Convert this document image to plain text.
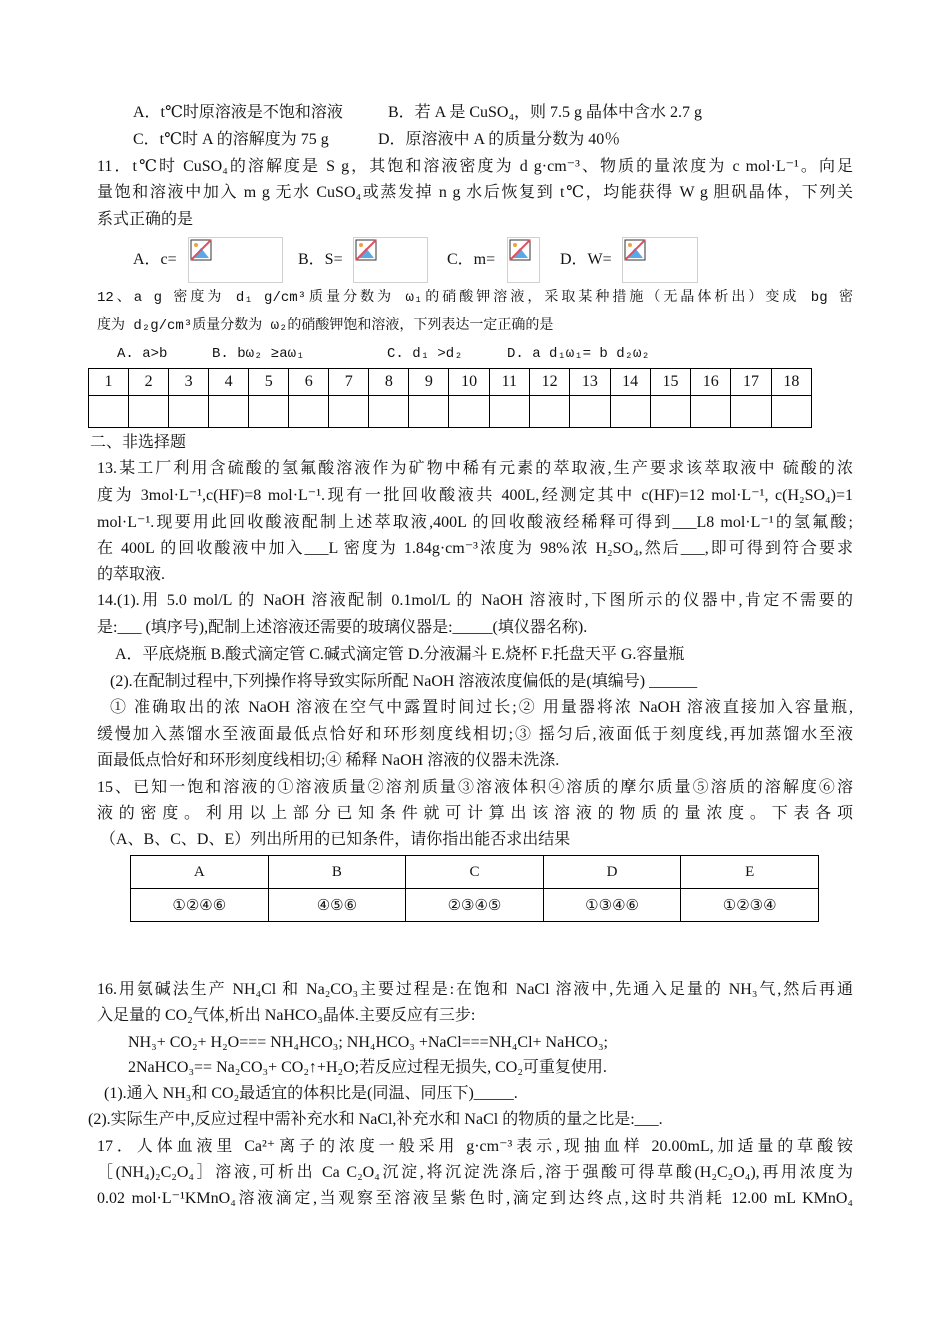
A．t℃时原溶液是不饱和溶液	B．若 A 是 CuSO₄，则 7.5 g 晶体中含水 2.7 g
C．t℃时 A 的溶解度为 75 g	D．原溶液中 A 的质量分数为 40％
11．t℃时 CuSO₄的溶解度是 S g，其饱和溶液密度为 d g·cm⁻³、物质的量浓度为 c mol·L⁻¹。向足
量饱和溶液中加入 m g 无水 CuSO₄或蒸发掉 n g 水后恢复到 t℃，均能获得 W g 胆矾晶体，下列关
系式正确的是
A．c=	B．S=	C．m=	D．W=
12、a g 密度为 d₁ g/cm³质量分数为 ω₁的硝酸钾溶液，采取某种措施（无晶体析出）变成 bg 密
度为 d₂g/cm³质量分数为 ω₂的硝酸钾饱和溶液，下列表达一定正确的是
A. a>b	B. bω₂ ≥aω₁	C. d₁ >d₂	D. a d₁ω₁= b d₂ω₂
1	2	3	4	5	6	7	8	9	10	11	12	13	14	15	16	17	18

二、非选择题
13.某工厂利用含硫酸的氢氟酸溶液作为矿物中稀有元素的萃取液,生产要求该萃取液中 硫酸的浓
度为 3mol·L⁻¹,c(HF)=8 mol·L⁻¹.现有一批回收酸液共 400L,经测定其中 c(HF)=12 mol·L⁻¹, c(H₂SO₄)=1
mol·L⁻¹.现要用此回收酸液配制上述萃取液,400L 的回收酸液经稀释可得到___L8 mol·L⁻¹的氢氟酸;
在 400L 的回收酸液中加入___L 密度为 1.84g·cm⁻³浓度为 98%浓 H₂SO₄,然后___,即可得到符合要求
的萃取液.
14.(1).用 5.0 mol/L 的 NaOH 溶液配制 0.1mol/L 的 NaOH 溶液时,下图所示的仪器中,肯定不需要的
是:___ (填序号),配制上述溶液还需要的玻璃仪器是:_____(填仪器名称).
A．平底烧瓶 B.酸式滴定管 C.碱式滴定管 D.分液漏斗 E.烧杯 F.托盘天平 G.容量瓶
(2).在配制过程中,下列操作将导致实际所配 NaOH 溶液浓度偏低的是(填编号) ______
① 准确取出的浓 NaOH 溶液在空气中露置时间过长;② 用量器将浓 NaOH 溶液直接加入容量瓶,
缓慢加入蒸馏水至液面最低点恰好和环形刻度线相切;③ 摇匀后,液面低于刻度线,再加蒸馏水至液
面最低点恰好和环形刻度线相切;④ 稀释 NaOH 溶液的仪器未洗涤.
15、已知一饱和溶液的①溶液质量②溶剂质量③溶液体积④溶质的摩尔质量⑤溶质的溶解度⑥溶
液的密度。利用以上部分已知条件就可计算出该溶液的物质的量浓度。下表各项
（A、B、C、D、E）列出所用的已知条件，请你指出能否求出结果
A	B	C	D	E
①②④⑥	④⑤⑥	②③④⑤	①③④⑥	①②③④
16.用氨碱法生产 NH₄Cl 和 Na₂CO₃主要过程是:在饱和 NaCl 溶液中,先通入足量的 NH₃气,然后再通
入足量的 CO₂气体,析出 NaHCO₃晶体.主要反应有三步:
NH₃+ CO₂+ H₂O=== NH₄HCO₃; NH₄HCO₃ +NaCl===NH₄Cl+ NaHCO₃;
2NaHCO₃== Na₂CO₃+ CO₂↑+H₂O;若反应过程无损失, CO₂可重复使用.
(1).通入 NH₃和 CO₂最适宜的体积比是(同温、同压下)_____.
(2).实际生产中,反应过程中需补充水和 NaCl,补充水和 NaCl 的物质的量之比是:___.
17．人体血液里 Ca²⁺离子的浓度一般采用 g·cm⁻³表示,现抽血样 20.00mL,加适量的草酸铵
［(NH₄)₂C₂O₄］溶液,可析出 Ca C₂O₄沉淀,将沉淀洗涤后,溶于强酸可得草酸(H₂C₂O₄),再用浓度为
0.02 mol·L⁻¹KMnO₄溶液滴定,当观察至溶液呈紫色时,滴定到达终点,这时共消耗 12.00 mL KMnO₄
